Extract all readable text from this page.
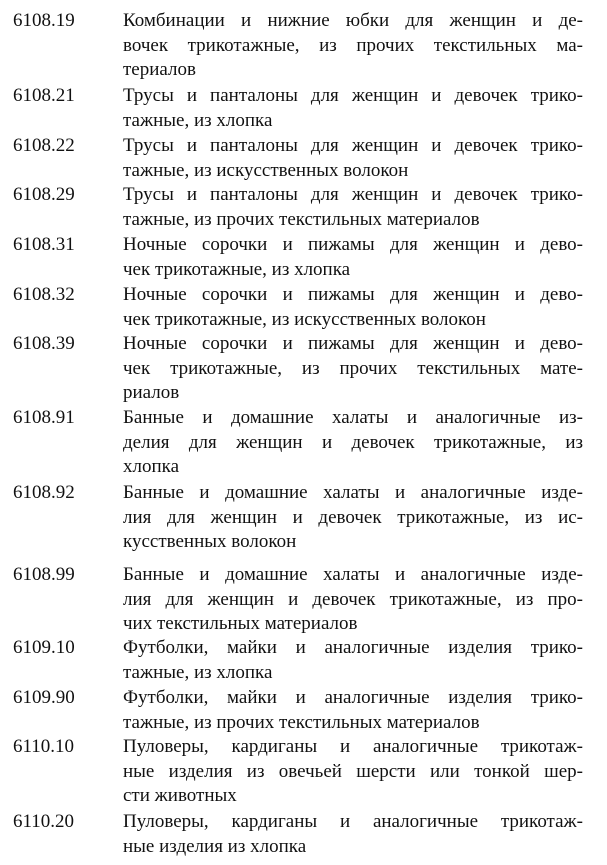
6108.19	Комбинации и нижние юбки для женщин и де-
вочек трикотажные, из прочих текстильных ма-
териалов
6108.21	Трусы и панталоны для женщин и девочек трико-
тажные, из хлопка
6108.22	Трусы и панталоны для женщин и девочек трико-
тажные, из искусственных волокон
6108.29	Трусы и панталоны для женщин и девочек трико-
тажные, из прочих текстильных материалов
6108.31	Ночные сорочки и пижамы для женщин и дево-
чек трикотажные, из хлопка
6108.32	Ночные сорочки и пижамы для женщин и дево-
чек трикотажные, из искусственных волокон
6108.39	Ночные сорочки и пижамы для женщин и дево-
чек трикотажные, из прочих текстильных мате-
риалов
6108.91	Банные и домашние халаты и аналогичные из-
делия для женщин и девочек трикотажные, из
хлопка
6108.92	Банные и домашние халаты и аналогичные изде-
лия для женщин и девочек трикотажные, из ис-
кусственных волокон
6108.99	Банные и домашние халаты и аналогичные изде-
лия для женщин и девочек трикотажные, из про-
чих текстильных материалов
6109.10	Футболки, майки и аналогичные изделия трико-
тажные, из хлопка
6109.90	Футболки, майки и аналогичные изделия трико-
тажные, из прочих текстильных материалов
6110.10	Пуловеры, кардиганы и аналогичные трикотаж-
ные изделия из овечьей шерсти или тонкой шер-
сти животных
6110.20	Пуловеры, кардиганы и аналогичные трикотаж-
ные изделия из хлопка
